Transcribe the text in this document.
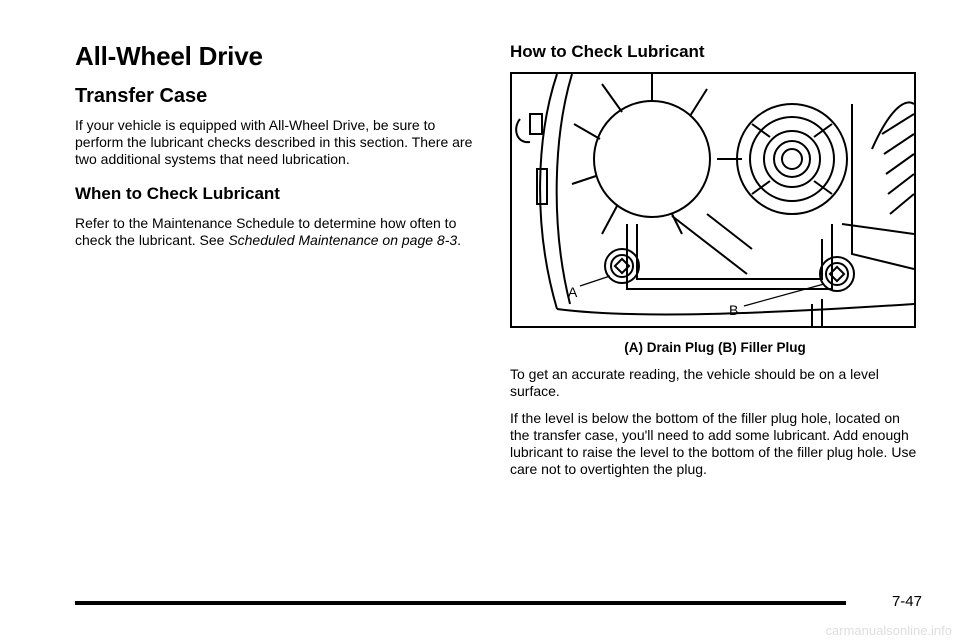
All-Wheel Drive
Transfer Case

If your vehicle is equipped with All-Wheel Drive, be sure to perform the lubricant checks described in this section. There are two additional systems that need lubrication.

When to Check Lubricant

Refer to the Maintenance Schedule to determine how often to check the lubricant. See Scheduled Maintenance on page 8-3.

How to Check Lubricant
A
B

(A) Drain Plug (B) Filler Plug

To get an accurate reading, the vehicle should be on a level surface.

If the level is below the bottom of the filler plug hole, located on the transfer case, you'll need to add some lubricant. Add enough lubricant to raise the level to the bottom of the filler plug hole. Use care not to overtighten the plug.

7-47
carmanualsonline.info
